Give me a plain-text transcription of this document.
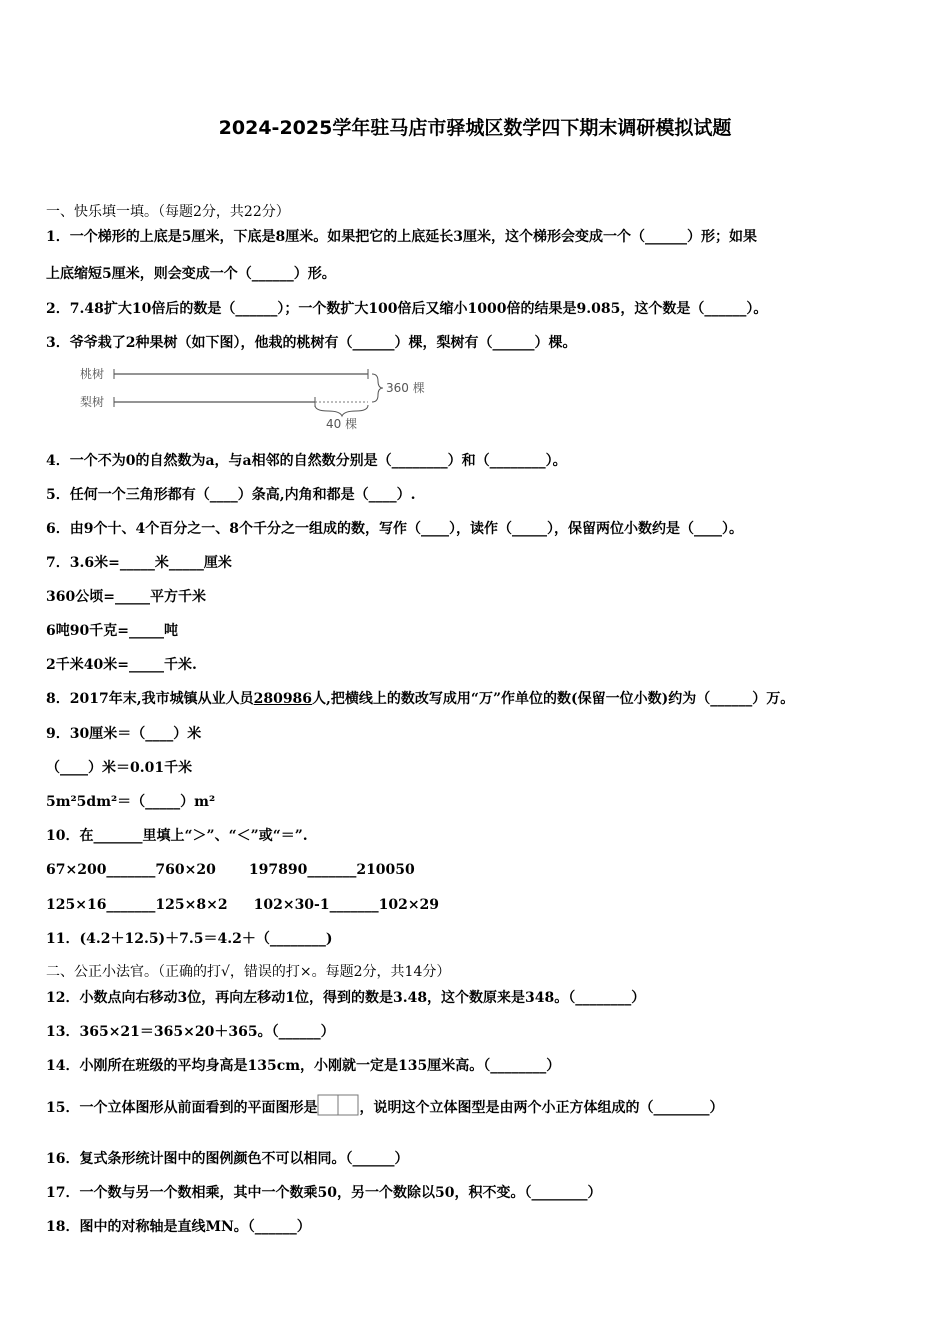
2024-2025学年驻马店市驿城区数学四下期末调研模拟试题
一、快乐填一填。（每题2分，共22分）
1．一个梯形的上底是5厘米，下底是8厘米。如果把它的上底延长3厘米，这个梯形会变成一个（______）形；如果
上底缩短5厘米，则会变成一个（______）形。
2．7.48扩大10倍后的数是（______）；一个数扩大100倍后又缩小1000倍的结果是9.085，这个数是（______）。
3．爷爷栽了2种果树（如下图），他栽的桃树有（______）棵，梨树有（______）棵。
桃树
梨树
360 棵
40 棵
4．一个不为0的自然数为a，与a相邻的自然数分别是（________）和（________）。
5．任何一个三角形都有（____）条高,内角和都是（____）.
6．由9个十、4个百分之一、8个千分之一组成的数，写作（____），读作（_____），保留两位小数约是（____）。
7．3.6米=_____米_____厘米
360公顷=_____平方千米
6吨90千克=_____吨
2千米40米=_____千米.
8．2017年末,我市城镇从业人员280986人,把横线上的数改写成用“万”作单位的数(保留一位小数)约为（______）万。
9．30厘米＝（____）米
（____）米＝0.01千米
5m²5dm²＝（_____）m²
10．在_______里填上“＞”、“＜”或“＝”.
67×200_______760×20 197890_______210050
125×16_______125×8×2 102×30-1_______102×29
11．(4.2＋12.5)＋7.5＝4.2＋（________)
二、公正小法官。（正确的打√，错误的打×。每题2分，共14分）
12．小数点向右移动3位，再向左移动1位，得到的数是3.48，这个数原来是348。（________）
13．365×21＝365×20＋365。（______）
14．小刚所在班级的平均身高是135cm，小刚就一定是135厘米高。（________）
15．一个立体图形从前面看到的平面图形是	，说明这个立体图型是由两个小正方体组成的（________）
16．复式条形统计图中的图例颜色不可以相同。（______）
17．一个数与另一个数相乘，其中一个数乘50，另一个数除以50，积不变。（________）
18．图中的对称轴是直线MN。（______）
